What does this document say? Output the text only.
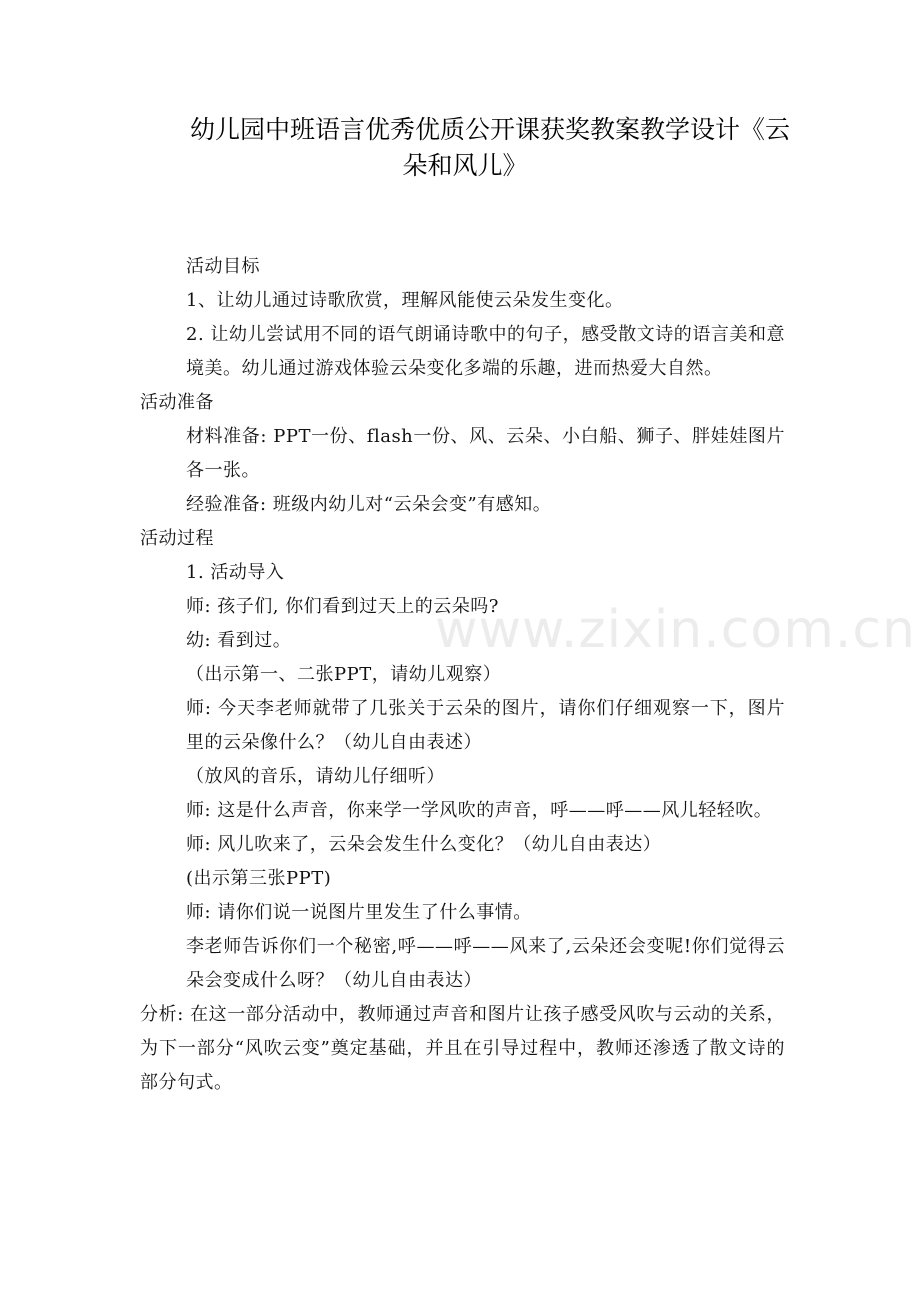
幼儿园中班语言优秀优质公开课获奖教案教学设计《云
朵和风儿》
www.zixin.com.cn

活动目标

1、让幼儿通过诗歌欣赏，理解风能使云朵发生变化。

2. 让幼儿尝试用不同的语气朗诵诗歌中的句子，感受散文诗的语言美和意境美。幼儿通过游戏体验云朵变化多端的乐趣，进而热爱大自然。

活动准备

材料准备: PPT一份、flash一份、风、云朵、小白船、狮子、胖娃娃图片各一张。

经验准备: 班级内幼儿对“云朵会变”有感知。

活动过程

1. 活动导入

师: 孩子们, 你们看到过天上的云朵吗?

幼: 看到过。

（出示第一、二张PPT，请幼儿观察）

师: 今天李老师就带了几张关于云朵的图片，请你们仔细观察一下，图片里的云朵像什么？（幼儿自由表述）

（放风的音乐，请幼儿仔细听）

师: 这是什么声音，你来学一学风吹的声音，呼——呼——风儿轻轻吹。

师: 风儿吹来了，云朵会发生什么变化？（幼儿自由表达）

(出示第三张PPT)

师: 请你们说一说图片里发生了什么事情。

李老师告诉你们一个秘密,呼——呼——风来了,云朵还会变呢!你们觉得云朵会变成什么呀？（幼儿自由表达）

分析: 在这一部分活动中，教师通过声音和图片让孩子感受风吹与云动的关系，为下一部分“风吹云变”奠定基础，并且在引导过程中，教师还渗透了散文诗的部分句式。
